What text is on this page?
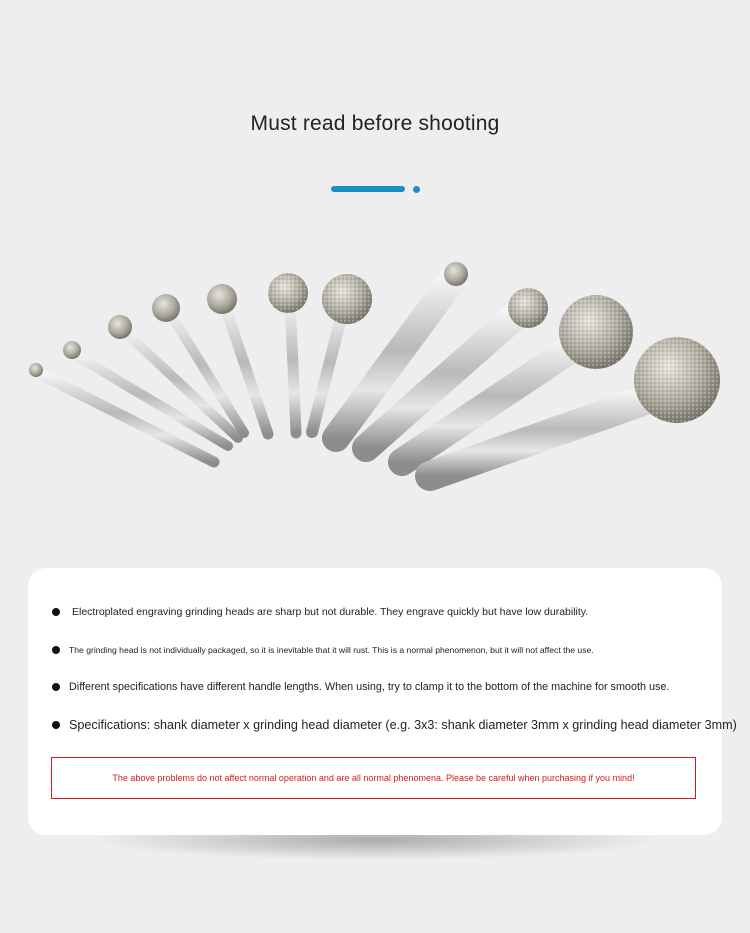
Must read before shooting
Electroplated engraving grinding heads are sharp but not durable. They engrave quickly but have low durability.
The grinding head is not individually packaged, so it is inevitable that it will rust. This is a normal phenomenon, but it will not affect the use.
Different specifications have different handle lengths. When using, try to clamp it to the bottom of the machine for smooth use.
Specifications: shank diameter x grinding head diameter (e.g. 3x3: shank diameter 3mm x grinding head diameter 3mm)
The above problems do not affect normal operation and are all normal phenomena. Please be careful when purchasing if you mind!
